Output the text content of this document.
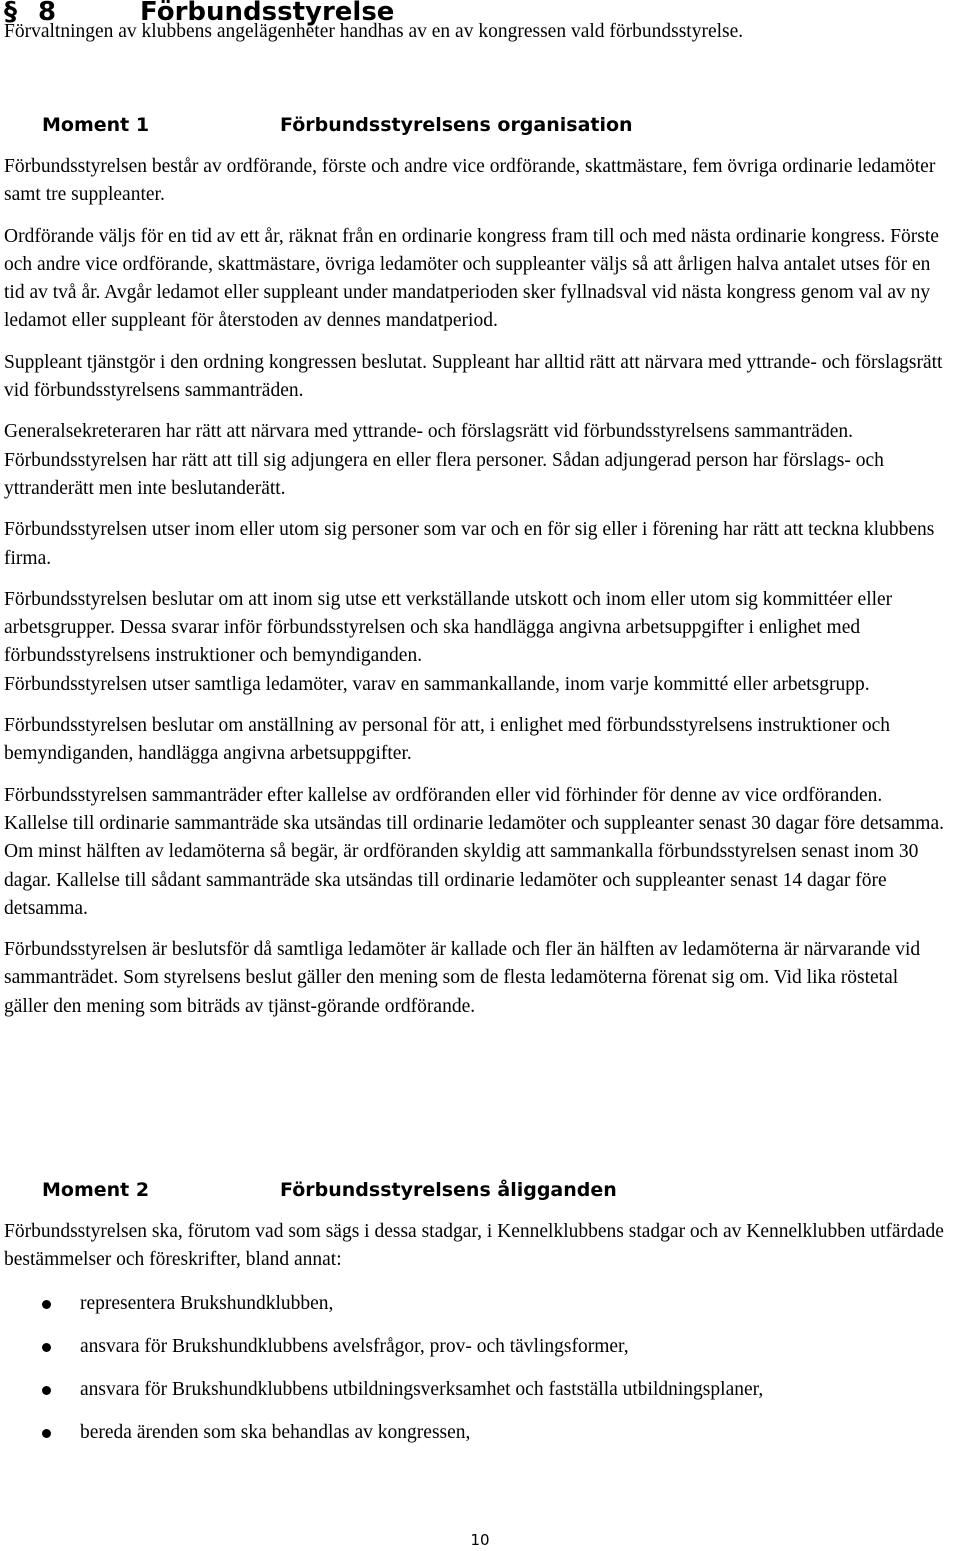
§ 8	Förbundsstyrelse
Förvaltningen av klubbens angelägenheter handhas av en av kongressen vald förbundsstyrelse.
Moment 1	Förbundsstyrelsens organisation

Förbundsstyrelsen består av ordförande, förste och andre vice ordförande, skattmästare, fem övriga ordinarie ledamöter samt tre suppleanter.

Ordförande väljs för en tid av ett år, räknat från en ordinarie kongress fram till och med nästa ordinarie kongress. Förste och andre vice ordförande, skattmästare, övriga ledamöter och suppleanter väljs så att årligen halva antalet utses för en tid av två år. Avgår ledamot eller suppleant under mandatperioden sker fyllnadsval vid nästa kongress genom val av ny ledamot eller suppleant för återstoden av dennes mandatperiod.

Suppleant tjänstgör i den ordning kongressen beslutat. Suppleant har alltid rätt att närvara med yttrande- och förslagsrätt vid förbundsstyrelsens sammanträden.

Generalsekreteraren har rätt att närvara med yttrande- och förslagsrätt vid förbundsstyrelsens sammanträden. Förbundsstyrelsen har rätt att till sig adjungera en eller flera personer. Sådan adjungerad person har förslags- och yttranderätt men inte beslutanderätt.

Förbundsstyrelsen utser inom eller utom sig personer som var och en för sig eller i förening har rätt att teckna klubbens firma.

Förbundsstyrelsen beslutar om att inom sig utse ett verkställande utskott och inom eller utom sig kommittéer eller arbetsgrupper. Dessa svarar inför förbundsstyrelsen och ska handlägga angivna arbetsuppgifter i enlighet med förbundsstyrelsens instruktioner och bemyndiganden.

Förbundsstyrelsen utser samtliga ledamöter, varav en sammankallande, inom varje kommitté eller arbetsgrupp.

Förbundsstyrelsen beslutar om anställning av personal för att, i enlighet med förbundsstyrelsens instruktioner och bemyndiganden, handlägga angivna arbetsuppgifter.

Förbundsstyrelsen sammanträder efter kallelse av ordföranden eller vid förhinder för denne av vice ordföranden. Kallelse till ordinarie sammanträde ska utsändas till ordinarie ledamöter och suppleanter senast 30 dagar före detsamma. Om minst hälften av ledamöterna så begär, är ordföranden skyldig att sammankalla förbundsstyrelsen senast inom 30 dagar. Kallelse till sådant sammanträde ska utsändas till ordinarie ledamöter och suppleanter senast 14 dagar före detsamma.

Förbundsstyrelsen är beslutsför då samtliga ledamöter är kallade och fler än hälften av ledamöterna är närvarande vid sammanträdet. Som styrelsens beslut gäller den mening som de flesta ledamöterna förenat sig om. Vid lika röstetal gäller den mening som biträds av tjänst-görande ordförande.

Moment 2	Förbundsstyrelsens åligganden

Förbundsstyrelsen ska, förutom vad som sägs i dessa stadgar, i Kennelklubbens stadgar och av Kennelklubben utfärdade bestämmelser och föreskrifter, bland annat:

representera Brukshundklubben,
ansvara för Brukshundklubbens avelsfrågor, prov- och tävlingsformer,
ansvara för Brukshundklubbens utbildningsverksamhet och fastställa utbildningsplaner,
bereda ärenden som ska behandlas av kongressen,
10
